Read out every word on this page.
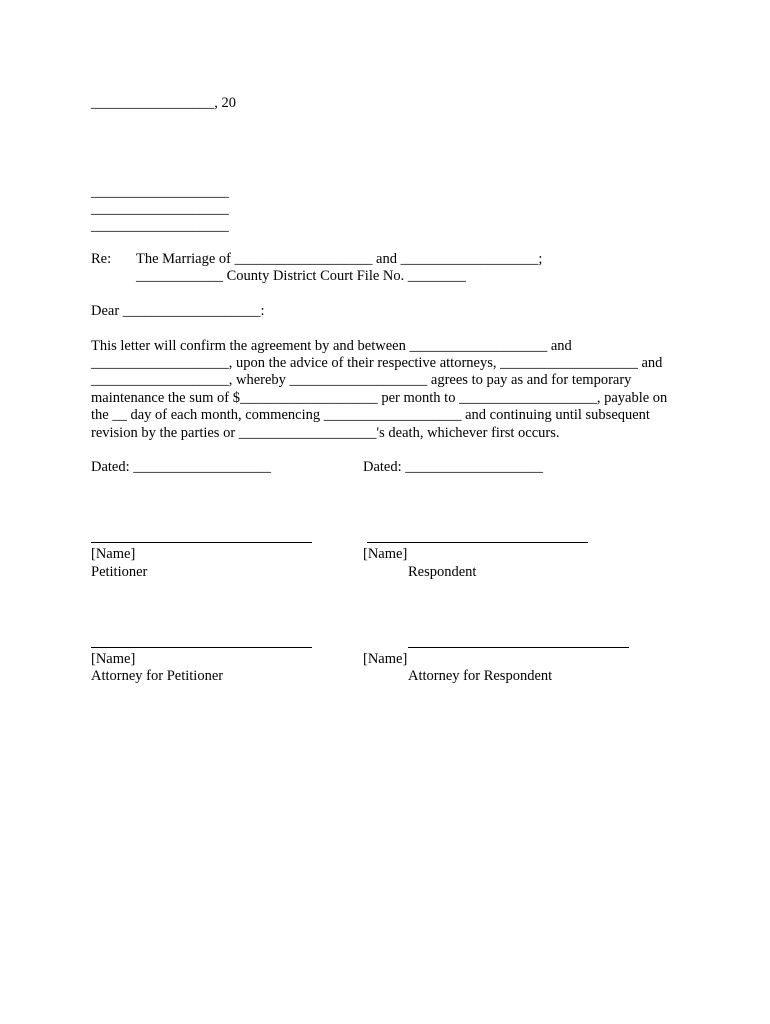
_________________, 20
___________________
___________________
___________________
Re: The Marriage of ___________________ and ___________________;
____________ County District Court File No. ________
Dear ___________________:
This letter will confirm the agreement by and between ___________________ and
___________________, upon the advice of their respective attorneys, ___________________ and
___________________, whereby ___________________ agrees to pay as and for temporary
maintenance the sum of $___________________ per month to ___________________, payable on
the __ day of each month, commencing ___________________ and continuing until subsequent
revision by the parties or ___________________'s death, whichever first occurs.
Dated: ___________________	Dated: ___________________
[Name]
Petitioner
[Name]
Respondent
[Name]
Attorney for Petitioner
[Name]
Attorney for Respondent
